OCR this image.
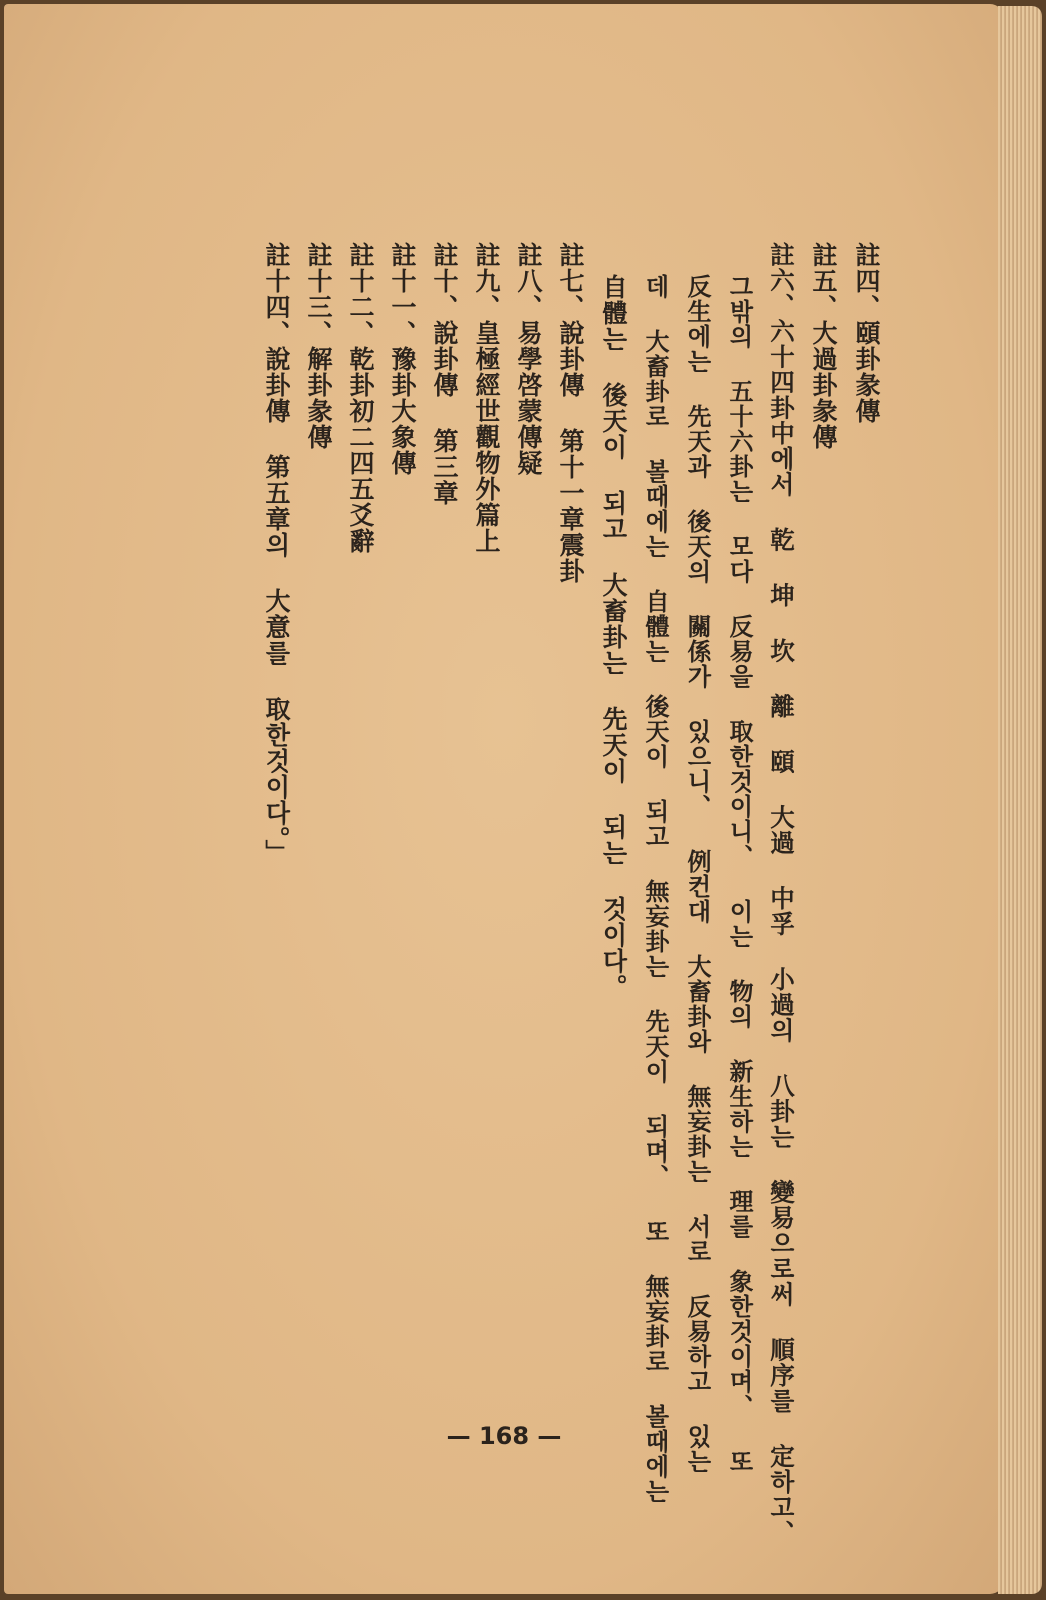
註四、頤卦彖傳
註五、大過卦彖傳
註六、六十四卦中에서 乾 坤 坎 離 頤 大過 中孚 小過의 八卦는 變易으로써 順序를 定하고、
그밖의 五十六卦는 모다 反易을 取한것이니、 이는 物의 新生하는 理를 象한것이며、 또
反生에는 先天과 後天의 關係가 있으니、 例컨대 大畜卦와 無妄卦는 서로 反易하고 있는
데 大畜卦로 볼때에는 自體는 後天이 되고 無妄卦는 先天이 되며、 또 無妄卦로 볼때에는
自體는 後天이 되고 大畜卦는 先天이 되는 것이다。
註七、說卦傳 第十一章震卦
註八、易學啓蒙傳疑
註九、皇極經世觀物外篇上
註十、說卦傳 第三章
註十一、豫卦大象傳
註十二、乾卦初二四五爻辭
註十三、解卦彖傳
註十四、說卦傳 第五章의 大意를 取한것이다。」
— 168 —
